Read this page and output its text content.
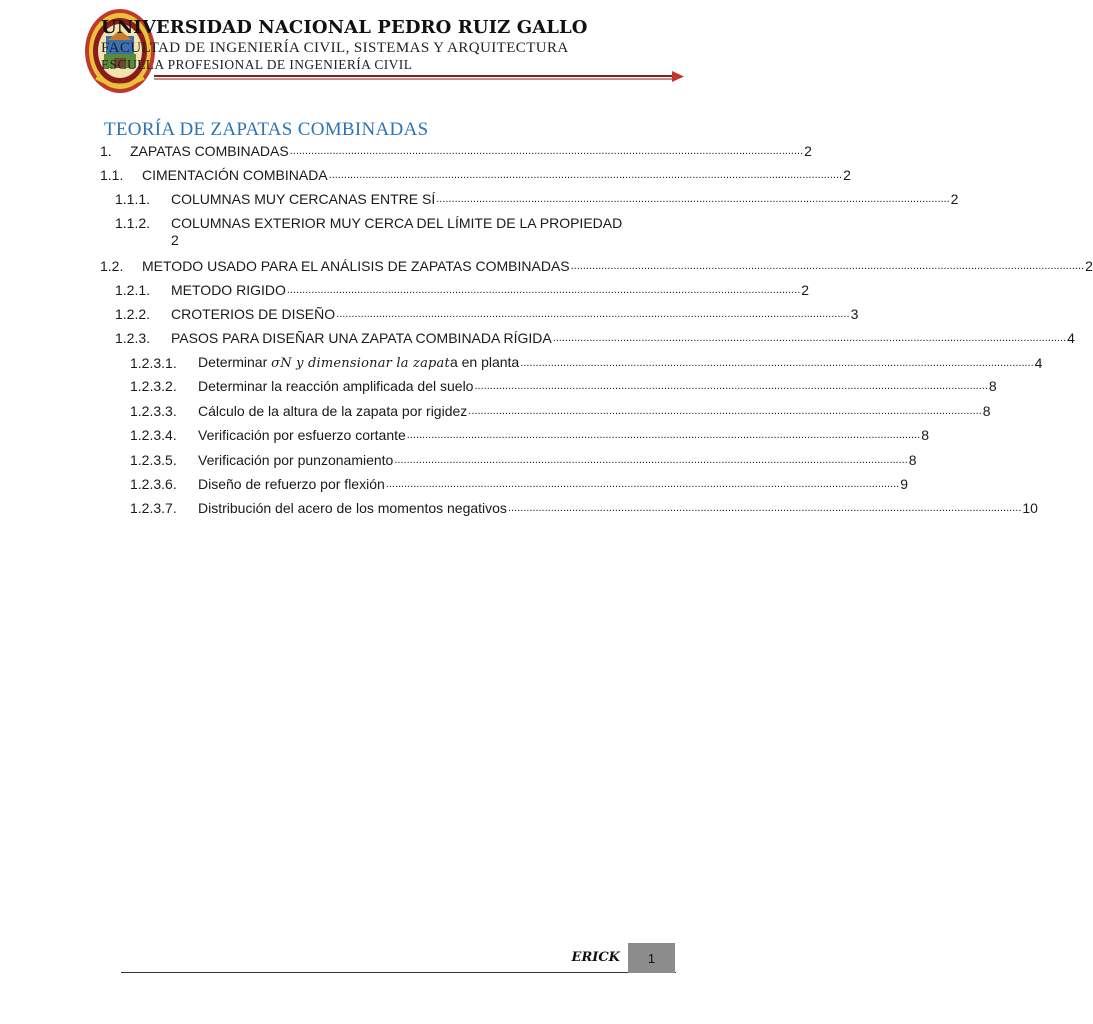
UNIVERSIDAD NACIONAL PEDRO RUIZ GALLO

FACULTAD DE INGENIERÍA CIVIL, SISTEMAS Y ARQUITECTURA

ESCUELA PROFESIONAL DE INGENIERÍA CIVIL

TEORÍA DE ZAPATAS COMBINADAS
1.	ZAPATAS COMBINADAS ........................................................................................................................................................................ 2
1.1.	CIMENTACIÓN COMBINADA ........................................................................................................................................................................ 2
1.1.1.	COLUMNAS MUY CERCANAS ENTRE SÍ ........................................................................................................................................................................ 2
1.1.2.	COLUMNAS EXTERIOR MUY CERCA DEL LÍMITE DE LA PROPIEDAD
2
1.2.	METODO USADO PARA EL ANÁLISIS DE ZAPATAS COMBINADAS ........................................................................................................................................................................ 2
1.2.1.	METODO RIGIDO ........................................................................................................................................................................ 2
1.2.2.	CROTERIOS DE DISEÑO ........................................................................................................................................................................ 3
1.2.3.	PASOS PARA DISEÑAR UNA ZAPATA COMBINADA RÍGIDA ........................................................................................................................................................................ 4
1.2.3.1.	Determinar σN y dimensionar la zapata en planta ........................................................................................................................................................................ 4
1.2.3.2.	Determinar la reacción amplificada del suelo ........................................................................................................................................................................ 8
1.2.3.3.	Cálculo de la altura de la zapata por rigidez ........................................................................................................................................................................ 8
1.2.3.4.	Verificación por esfuerzo cortante ........................................................................................................................................................................ 8
1.2.3.5.	Verificación por punzonamiento ........................................................................................................................................................................ 8
1.2.3.6.	Diseño de refuerzo por flexión ........................................................................................................................................................................ 9
1.2.3.7.	Distribución del acero de los momentos negativos ........................................................................................................................................................................ 10
ERICK 1
